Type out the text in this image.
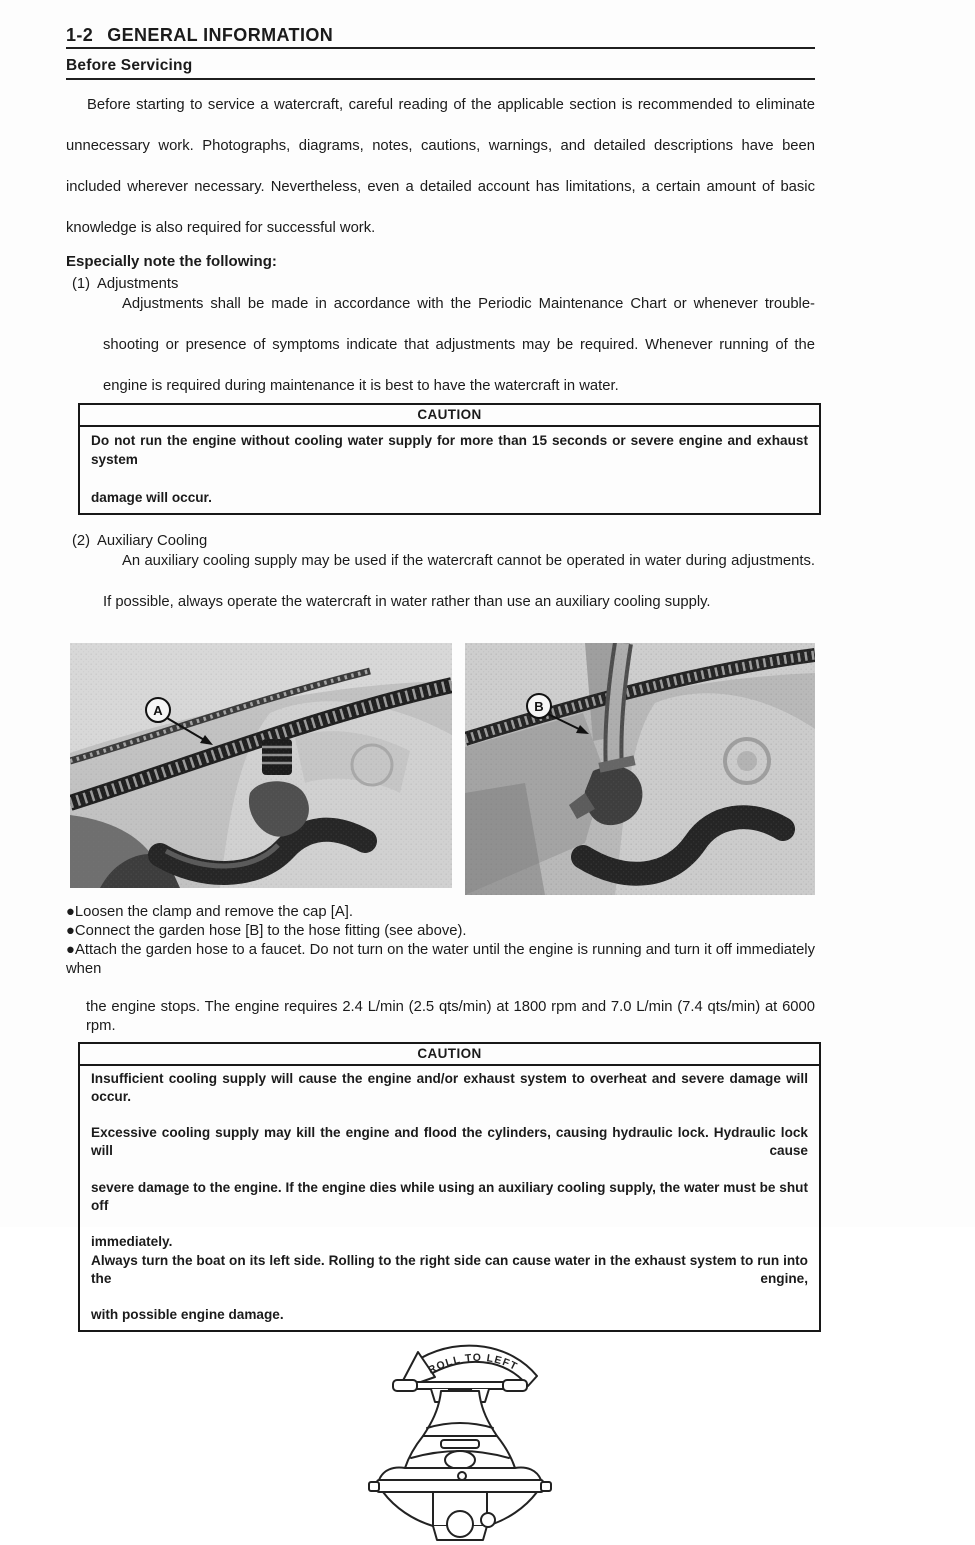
1-2 GENERAL INFORMATION
Before Servicing
Before starting to service a watercraft, careful reading of the applicable section is recommended to eliminate
unnecessary work. Photographs, diagrams, notes, cautions, warnings, and detailed descriptions have been
included wherever necessary. Nevertheless, even a detailed account has limitations, a certain amount of basic
knowledge is also required for successful work.
Especially note the following:
(1) Adjustments
Adjustments shall be made in accordance with the Periodic Maintenance Chart or whenever trouble-
shooting or presence of symptoms indicate that adjustments may be required. Whenever running of the
engine is required during maintenance it is best to have the watercraft in water.
CAUTION
Do not run the engine without cooling water supply for more than 15 seconds or severe engine and exhaust system
damage will occur.
(2) Auxiliary Cooling
An auxiliary cooling supply may be used if the watercraft cannot be operated in water during adjustments.
If possible, always operate the watercraft in water rather than use an auxiliary cooling supply.
A	B
●Loosen the clamp and remove the cap [A].
●Connect the garden hose [B] to the hose fitting (see above).
●Attach the garden hose to a faucet. Do not turn on the water until the engine is running and turn it off immediately when
the engine stops. The engine requires 2.4 L/min (2.5 qts/min) at 1800 rpm and 7.0 L/min (7.4 qts/min) at 6000 rpm.
CAUTION
Insufficient cooling supply will cause the engine and/or exhaust system to overheat and severe damage will occur.
Excessive cooling supply may kill the engine and flood the cylinders, causing hydraulic lock. Hydraulic lock will cause
severe damage to the engine. If the engine dies while using an auxiliary cooling supply, the water must be shut off
immediately.
Always turn the boat on its left side. Rolling to the right side can cause water in the exhaust system to run into the engine,
with possible engine damage.
ROLL TO LEFT
